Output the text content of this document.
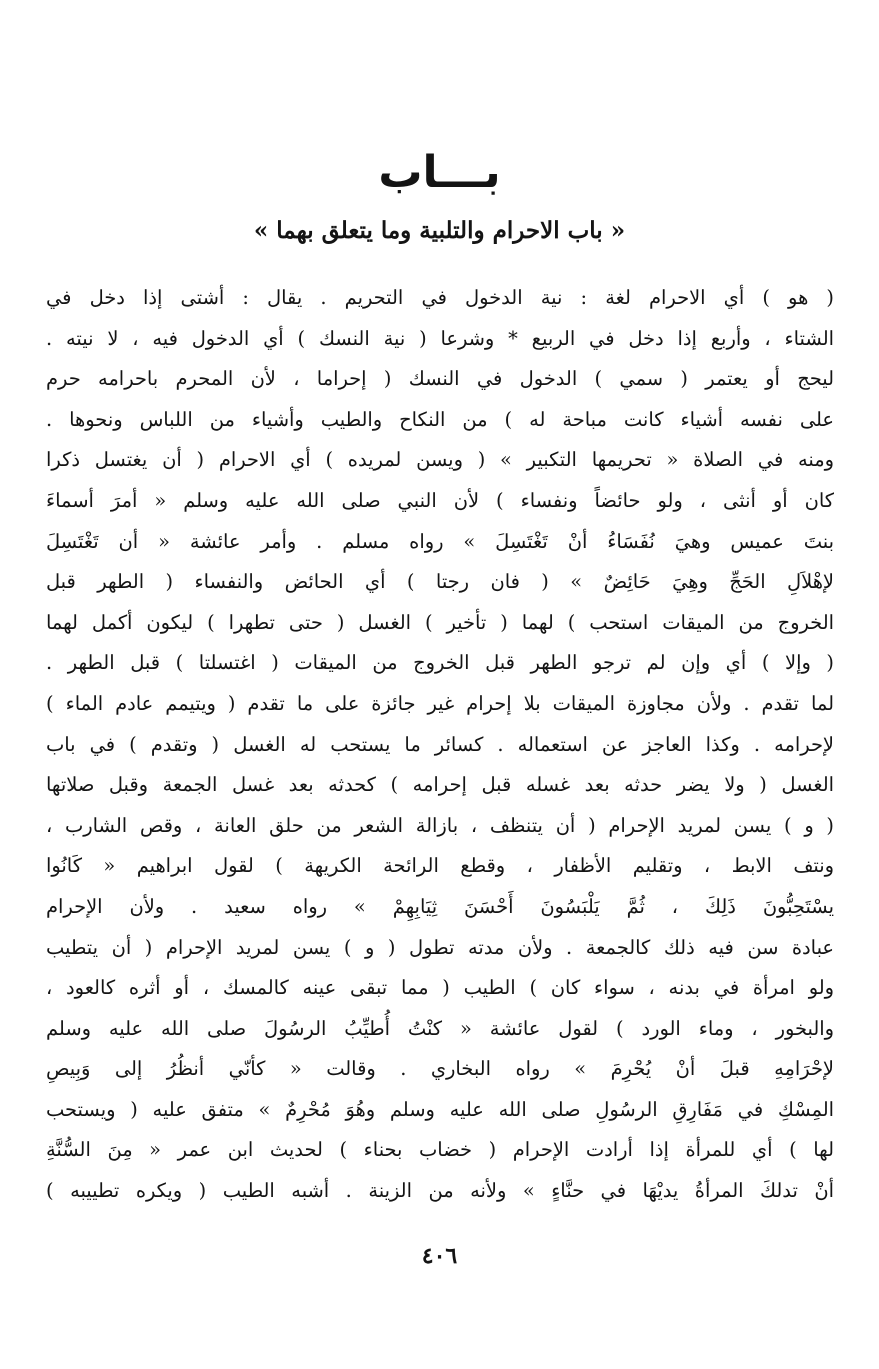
بـــاب
« باب الاحرام والتلبية وما يتعلق بهما »
( هو ) أي الاحرام لغة : نية الدخول في التحريم . يقال : أشتى إذا دخل في
الشتاء ، وأربع إذا دخل في الربيع * وشرعا ( نية النسك ) أي الدخول فيه ، لا نيته .
ليحج أو يعتمر ( سمي ) الدخول في النسك ( إحراما ، لأن المحرم باحرامه حرم
على نفسه أشياء كانت مباحة له ) من النكاح والطيب وأشياء من اللباس ونحوها .
ومنه في الصلاة « تحريمها التكبير » ( ويسن لمريده ) أي الاحرام ( أن يغتسل ذكرا
كان أو أنثى ، ولو حائضاً ونفساء ) لأن النبي صلى الله عليه وسلم « أمرَ أسماءَ
بنتَ عميس وهيَ نُفَسَاءُ أنْ تَغْتَسِلَ » رواه مسلم . وأمر عائشة « أن تَغْتَسِلَ
لإهْلاَلِ الحَجِّ وهِيَ حَائِضٌ » ( فان رجتا ) أي الحائض والنفساء ( الطهر قبل
الخروج من الميقات استحب ) لهما ( تأخير ) الغسل ( حتى تطهرا ) ليكون أكمل لهما
( وإلا ) أي وإن لم ترجو الطهر قبل الخروج من الميقات ( اغتسلتا ) قبل الطهر .
لما تقدم . ولأن مجاوزة الميقات بلا إحرام غير جائزة على ما تقدم ( ويتيمم عادم الماء )
لإحرامه . وكذا العاجز عن استعماله . كسائر ما يستحب له الغسل ( وتقدم ) في باب
الغسل ( ولا يضر حدثه بعد غسله قبل إحرامه ) كحدثه بعد غسل الجمعة وقبل صلاتها
( و ) يسن لمريد الإحرام ( أن يتنظف ، بازالة الشعر من حلق العانة ، وقص الشارب ،
ونتف الابط ، وتقليم الأظفار ، وقطع الرائحة الكريهة ) لقول ابراهيم « كَانُوا
يسْتَحِبُّونَ ذَلِكَ ، ثُمَّ يَلْبَسُونَ أَحْسَنَ ثِيَابِهِمْ » رواه سعيد . ولأن الإحرام
عبادة سن فيه ذلك كالجمعة . ولأن مدته تطول ( و ) يسن لمريد الإحرام ( أن يتطيب
ولو امرأة في بدنه ، سواء كان ) الطيب ( مما تبقى عينه كالمسك ، أو أثره كالعود ،
والبخور ، وماء الورد ) لقول عائشة « كنْتُ أُطيِّبُ الرسُولَ صلى الله عليه وسلم
لإحْرَامِهِ قبلَ أنْ يُحْرِمَ » رواه البخاري . وقالت « كأنّي أنظُرُ إلى وَبِيصِ
المِسْكِ في مَفَارِقِ الرسُولِ صلى الله عليه وسلم وهُوَ مُحْرِمٌ » متفق عليه ( ويستحب
لها ) أي للمرأة إذا أرادت الإحرام ( خضاب بحناء ) لحديث ابن عمر « مِنَ السُّنَّةِ
أنْ تدلكَ المرأةُ يديْهَا في حنَّاءٍ » ولأنه من الزينة . أشبه الطيب ( ويكره تطييبه )
٤٠٦
